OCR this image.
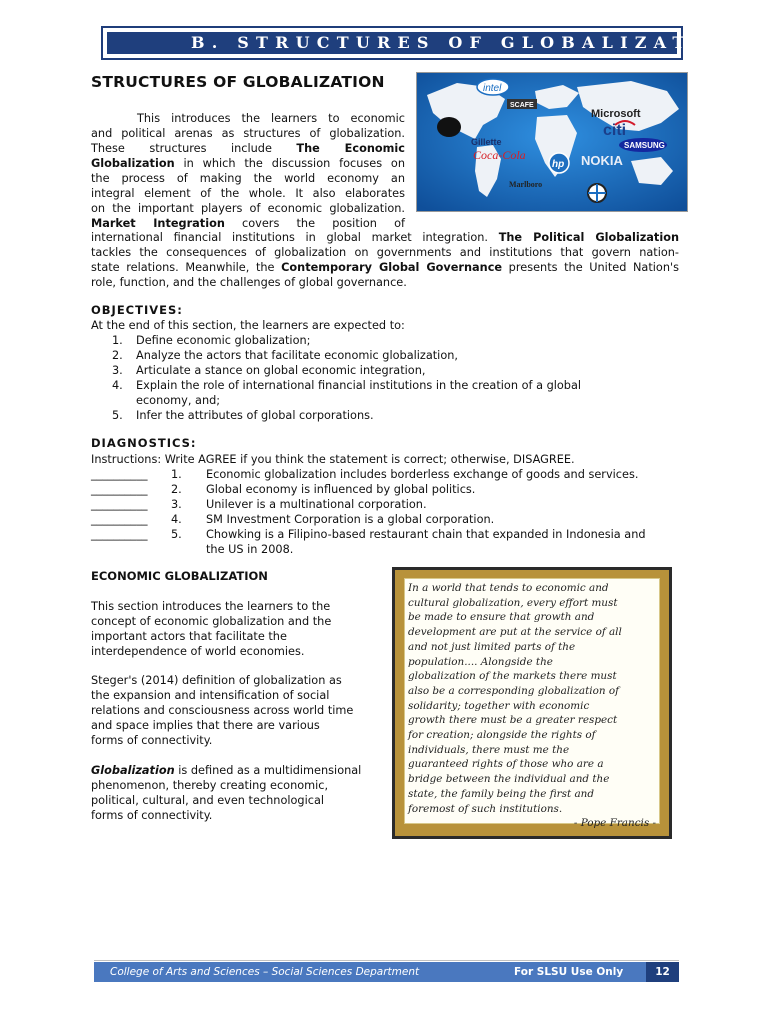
B. STRUCTURES OF GLOBALIZATION
STRUCTURES OF GLOBALIZATION	intel
SCAFE
Microsoft
citi
SAMSUNG
Gillette
Coca-Cola
hp NOKIA
Marlboro
This introduces the learners to economic
and political arenas as structures of globalization.
These structures include The Economic
Globalization in which the discussion focuses on
the process of making the world economy an
integral element of the whole. It also elaborates
on the important players of economic globalization.
Market Integration covers the position of
international financial institutions in global market integration. The Political Globalization
tackles the consequences of globalization on governments and institutions that govern nation-
state relations. Meanwhile, the Contemporary Global Governance presents the United Nation's
role, function, and the challenges of global governance.
OBJECTIVES:
At the end of this section, the learners are expected to:
1. Define economic globalization;
2. Analyze the actors that facilitate economic globalization,
3. Articulate a stance on global economic integration,
4. Explain the role of international financial institutions in the creation of a global
economy, and;
5. Infer the attributes of global corporations.
DIAGNOSTICS:
Instructions: Write AGREE if you think the statement is correct; otherwise, DISAGREE.
__________ 1. Economic globalization includes borderless exchange of goods and services.
__________ 2. Global economy is influenced by global politics.
__________ 3. Unilever is a multinational corporation.
__________ 4. SM Investment Corporation is a global corporation.
__________ 5. Chowking is a Filipino-based restaurant chain that expanded in Indonesia and
the US in 2008.
ECONOMIC GLOBALIZATION
This section introduces the learners to the
concept of economic globalization and the
important actors that facilitate the
interdependence of world economies.
Steger's (2014) definition of globalization as
the expansion and intensification of social
relations and consciousness across world time
and space implies that there are various
forms of connectivity.
Globalization is defined as a multidimensional
phenomenon, thereby creating economic,
political, cultural, and even technological
forms of connectivity.
In a world that tends to economic and
cultural globalization, every effort must
be made to ensure that growth and
development are put at the service of all
and not just limited parts of the
population.... Alongside the
globalization of the markets there must
also be a corresponding globalization of
solidarity; together with economic
growth there must be a greater respect
for creation; alongside the rights of
individuals, there must me the
guaranteed rights of those who are a
bridge between the individual and the
state, the family being the first and
foremost of such institutions.
- Pope Francis -
College of Arts and Sciences – Social Sciences Department	For SLSU Use Only	12
